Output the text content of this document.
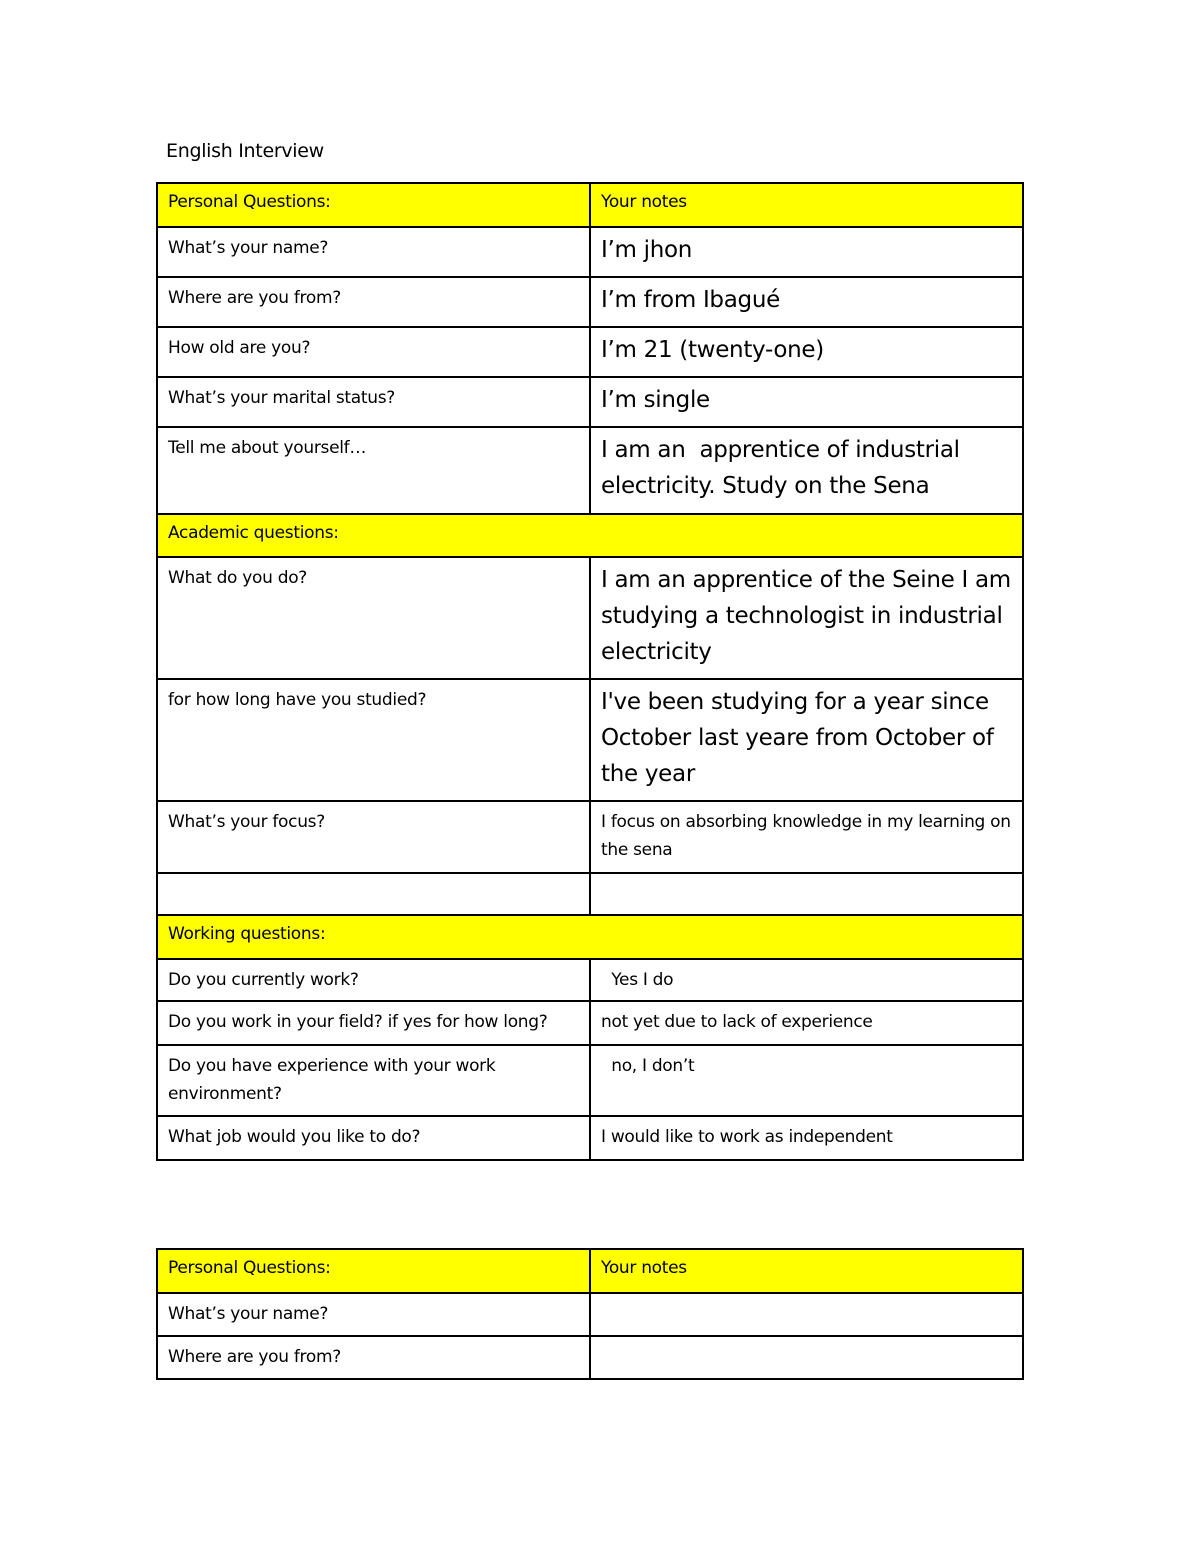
English Interview
Personal Questions:	Your notes
What’s your name?	I’m jhon
Where are you from?	I’m from Ibagué
How old are you?	I’m 21 (twenty-one)
What’s your marital status?	I’m single
Tell me about yourself…	I am an  apprentice of industrial electricity. Study on the Sena
Academic questions:	
What do you do?	I am an apprentice of the Seine I am studying a technologist in industrial electricity
for how long have you studied?	I've been studying for a year since October last yeare from October of the year
What’s your focus?	I focus on absorbing knowledge in my learning on the sena

Working questions:	
Do you currently work?	Yes I do
Do you work in your field? if yes for how long?	not yet due to lack of experience
Do you have experience with your work environment?	no, I don’t
What job would you like to do?	I would like to work as independent
Personal Questions:	Your notes
What’s your name?	
Where are you from?	
